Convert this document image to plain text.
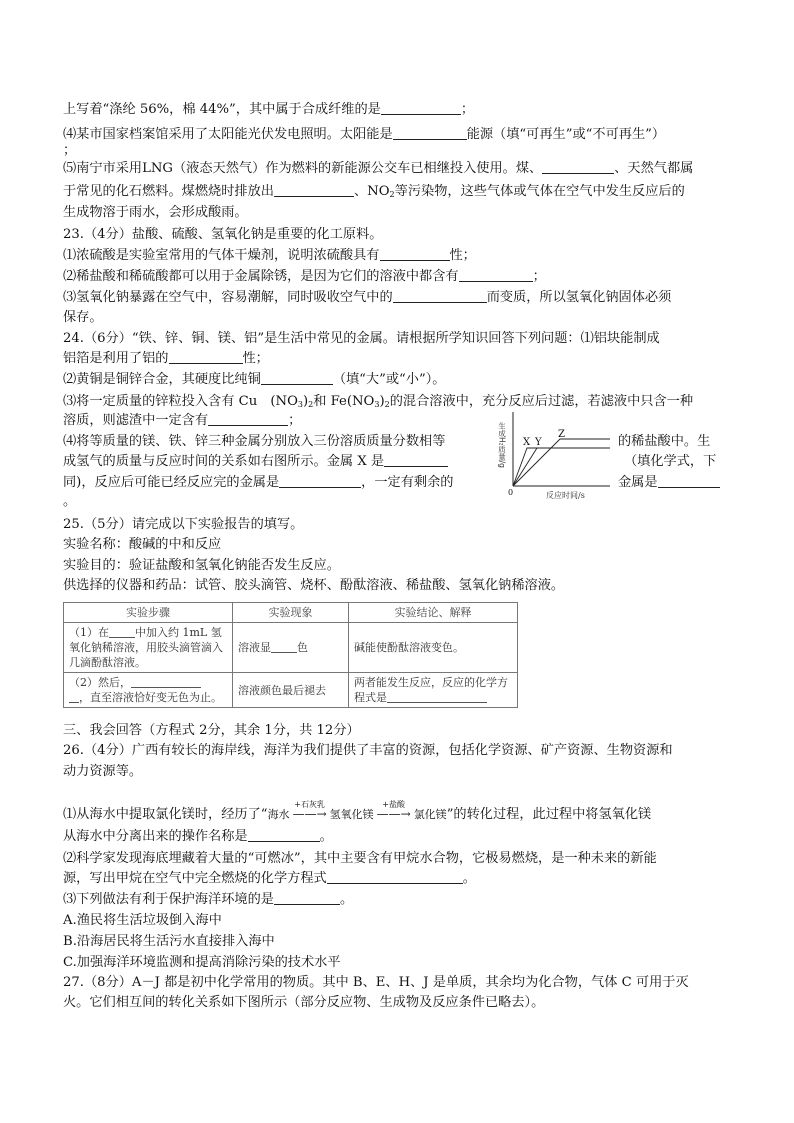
上写着“涤纶 56%，棉 44%”，其中属于合成纤维的是	；
⑷某市国家档案馆采用了太阳能光伏发电照明。太阳能是	能源（填“可再生”或“不可再生”）
；
⑸南宁市采用LNG（液态天然气）作为燃料的新能源公交车已相继投入使用。煤、	、天然气都属
于常见的化石燃料。煤燃烧时排放出	、$NO_2$等污染物，这些气体或气体在空气中发生反应后的
生成物溶于雨水，会形成酸雨。
23.（4分）盐酸、硫酸、氢氧化钠是重要的化工原料。
⑴浓硫酸是实验室常用的气体干燥剂，说明浓硫酸具有	性；
⑵稀盐酸和稀硫酸都可以用于金属除锈，是因为它们的溶液中都含有	；
⑶氢氧化钠暴露在空气中，容易潮解，同时吸收空气中的	而变质，所以氢氧化钠固体必须
保存。
24.（6分）“铁、锌、铜、镁、铝”是生活中常见的金属。请根据所学知识回答下列问题：⑴铝块能制成
铝箔是利用了铝的	性；
⑵黄铜是铜锌合金，其硬度比纯铜	（填“大”或“小”）。
⑶将一定质量的锌粒投入含有 Cu　$(NO_3)_2$和 $Fe(NO_3)_2$的混合溶液中，充分反应后过滤，若滤液中只含一种
溶质，则滤渣中一定含有	；
⑷将等质量的镁、铁、锌三种金属分别放入三份溶质质量分数相等	的稀盐酸中。生
成氢气的质量与反应时间的关系如右图所示。金属 X 是	（填化学式，下
同)，反应后可能已经反应完的金属是	，一定有剩余的	金属是
。
生成H₂质量/g X Y
Z
0	反应时间/s
25.（5分）请完成以下实验报告的填写。
实验名称：酸碱的中和反应
实验目的：验证盐酸和氢氧化钠能否发生反应。
供选择的仪器和药品：试管、胶头滴管、烧杯、酚酞溶液、稀盐酸、氢氧化钠稀溶液。
实验步骤	实验现象	实验结论、解释
（1）在 中加入约 1mL 氢
氧化钠稀溶液，用胶头滴管滴入
几滴酚酞溶液。	溶液显 色	碱能使酚酞溶液变色。
（2）然后，
，直至溶液恰好变无色为止。	溶液颜色最后褪去	两者能发生反应，反应的化学方
程式是
三、我会回答（方程式 2分，其余 1分，共 12分）
26.（4分）广西有较长的海岸线，海洋为我们提供了丰富的资源，包括化学资源、矿产资源、生物资源和
动力资源等。
⑴从海水中提取氯化镁时，经历了“海水
+石灰乳
——→ 氢氧化镁
+盐酸
——→ 氯化镁”的转化过程，此过程中将氢氧化镁
从海水中分离出来的操作名称是	。
⑵科学家发现海底埋藏着大量的“可燃冰”，其中主要含有甲烷水合物，它极易燃烧，是一种未来的新能
源，写出甲烷在空气中完全燃烧的化学方程式	。
⑶下列做法有利于保护海洋环境的是	。
A.渔民将生活垃圾倒入海中
B.沿海居民将生活污水直接排入海中
C.加强海洋环境监测和提高消除污染的技术水平
27.（8分）A－J 都是初中化学常用的物质。其中 B、E、H、J 是单质，其余均为化合物，气体 C 可用于灭
火。它们相互间的转化关系如下图所示（部分反应物、生成物及反应条件已略去）。
